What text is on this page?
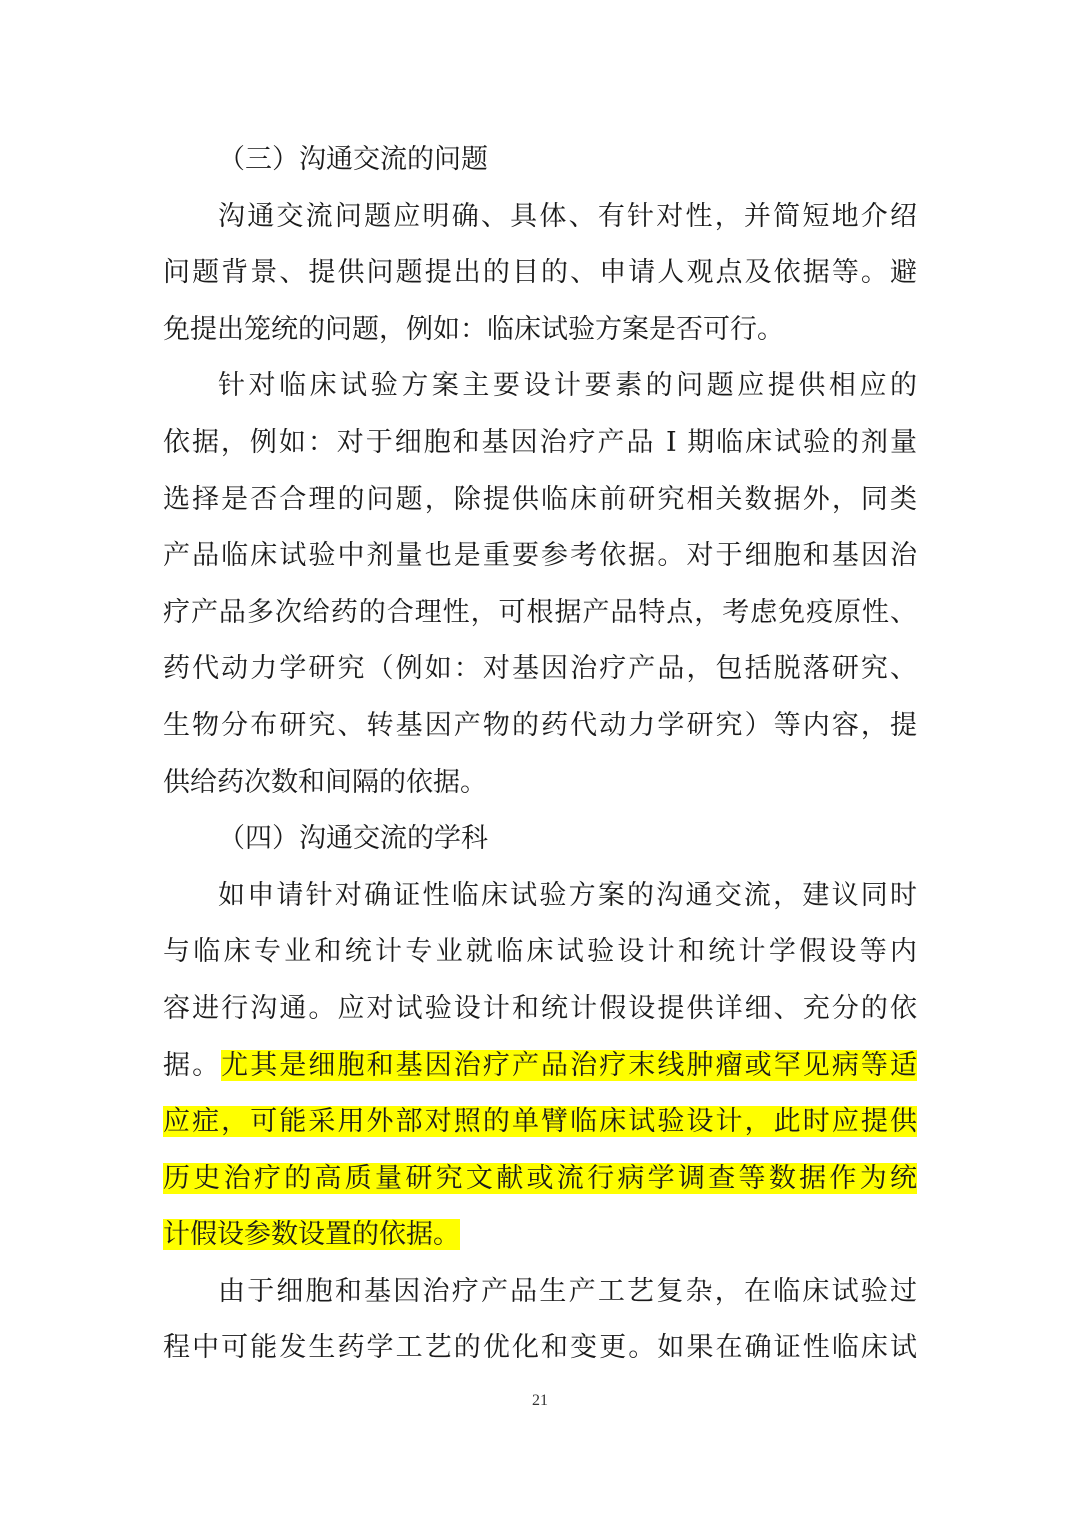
（三）沟通交流的问题
沟通交流问题应明确、具体、有针对性，并简短地介绍
问题背景、提供问题提出的目的、申请人观点及依据等。避
免提出笼统的问题，例如：临床试验方案是否可行。
针对临床试验方案主要设计要素的问题应提供相应的
依据，例如：对于细胞和基因治疗产品 I 期临床试验的剂量
选择是否合理的问题，除提供临床前研究相关数据外，同类
产品临床试验中剂量也是重要参考依据。对于细胞和基因治
疗产品多次给药的合理性，可根据产品特点，考虑免疫原性、
药代动力学研究（例如：对基因治疗产品，包括脱落研究、
生物分布研究、转基因产物的药代动力学研究）等内容，提
供给药次数和间隔的依据。
（四）沟通交流的学科
如申请针对确证性临床试验方案的沟通交流，建议同时
与临床专业和统计专业就临床试验设计和统计学假设等内
容进行沟通。应对试验设计和统计假设提供详细、充分的依
据。尤其是细胞和基因治疗产品治疗末线肿瘤或罕见病等适
应症，可能采用外部对照的单臂临床试验设计，此时应提供
历史治疗的高质量研究文献或流行病学调查等数据作为统
计假设参数设置的依据。
由于细胞和基因治疗产品生产工艺复杂，在临床试验过
程中可能发生药学工艺的优化和变更。如果在确证性临床试
21
